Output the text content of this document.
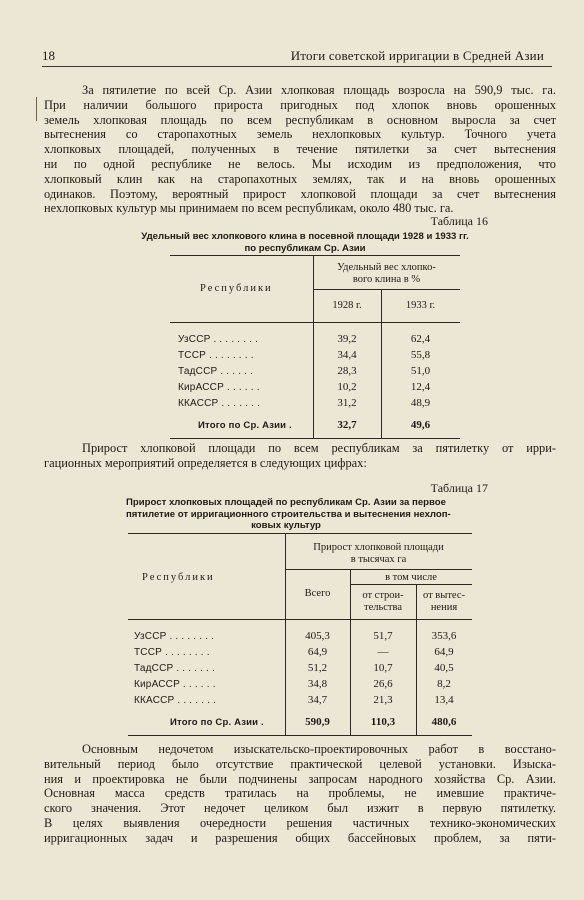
18	Итоги советской ирригации в Средней Азии
За пятилетие по всей Ср. Азии хлопковая площадь возросла на 590,9 тыс. га.
При наличии большого прироста пригодных под хлопок вновь орошенных
земель хлопковая площадь по всем республикам в основном выросла за счет
вытеснения со старопахотных земель нехлопковых культур. Точного учета
хлопковых площадей, полученных в течение пятилетки за счет вытеснения
ни по одной республике не велось. Мы исходим из предположения, что
хлопковый клин как на старопахотных землях, так и на вновь орошенных
одинаков. Поэтому, вероятный прирост хлопковой площади за счет вытеснения
нехлопковых культур мы принимаем по всем республикам, около 480 тыс. га.
Таблица 16
Удельный вес хлопкового клина в посевной площади 1928 и 1933 гг.
по республикам Ср. Азии
Республики
Удельный вес хлопко-
вого клина в %
1928 г.	1933 г.
УзССР . . . . . . . .	39,2	62,4
ТССР . . . . . . . .	34,4	55,8
ТадССР . . . . . .	28,3	51,0
КирАССР . . . . . .	10,2	12,4
ККАССР . . . . . . .	31,2	48,9
Итого по Ср. Азии .	32,7	49,6
Прирост хлопковой площади по всем республикам за пятилетку от ирри-
гационных мероприятий определяется в следующих цифрах:
Таблица 17
Прирост хлопковых площадей по республикам Ср. Азии за первое
пятилетие от ирригационного строительства и вытеснения нехлоп-
ковых культур
Республики
Прирост хлопковой площади
в тысячах га
Всего
в том числе
от строи-
тельства
от вытес-
нения
УзССР . . . . . . . .	405,3	51,7	353,6
ТССР . . . . . . . .	64,9	—	64,9
ТадССР . . . . . . .	51,2	10,7	40,5
КирАССР . . . . . .	34,8	26,6	8,2
ККАССР . . . . . . .	34,7	21,3	13,4
Итого по Ср. Азии .	590,9	110,3	480,6
Основным недочетом изыскательско-проектировочных работ в восстано-
вительный период было отсутствие практической целевой установки. Изыска-
ния и проектировка не были подчинены запросам народного хозяйства Ср. Азии.
Основная масса средств тратилась на проблемы, не имевшие практиче-
ского значения. Этот недочет целиком был изжит в первую пятилетку.
В целях выявления очередности решения частичных технико-экономических
ирригационных задач и разрешения общих бассейновых проблем, за пяти-
